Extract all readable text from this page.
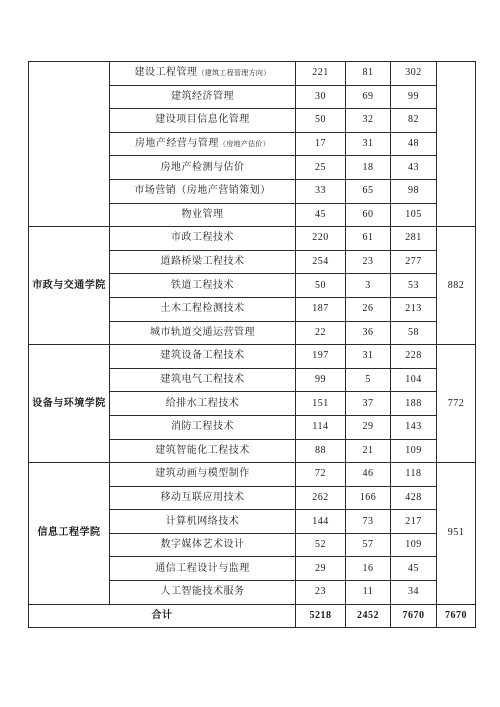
	建设工程管理（建筑工程管理方向）	221	81	302	
	建筑经济管理	30	69	99	
	建设项目信息化管理	50	32	82	
	房地产经营与管理（房地产估价）	17	31	48	
	房地产检测与估价	25	18	43	
	市场营销（房地产营销策划）	33	65	98	
	物业管理	45	60	105	
市政与交通学院	市政工程技术	220	61	281	882
	道路桥梁工程技术	254	23	277	
	铁道工程技术	50	3	53	
	土木工程检测技术	187	26	213	
	城市轨道交通运营管理	22	36	58	
设备与环境学院	建筑设备工程技术	197	31	228	772
	建筑电气工程技术	99	5	104	
	给排水工程技术	151	37	188	
	消防工程技术	114	29	143	
	建筑智能化工程技术	88	21	109	
信息工程学院	建筑动画与模型制作	72	46	118	951
	移动互联应用技术	262	166	428	
	计算机网络技术	144	73	217	
	数字媒体艺术设计	52	57	109	
	通信工程设计与监理	29	16	45	
	人工智能技术服务	23	11	34	
合计		5218	2452	7670	7670
